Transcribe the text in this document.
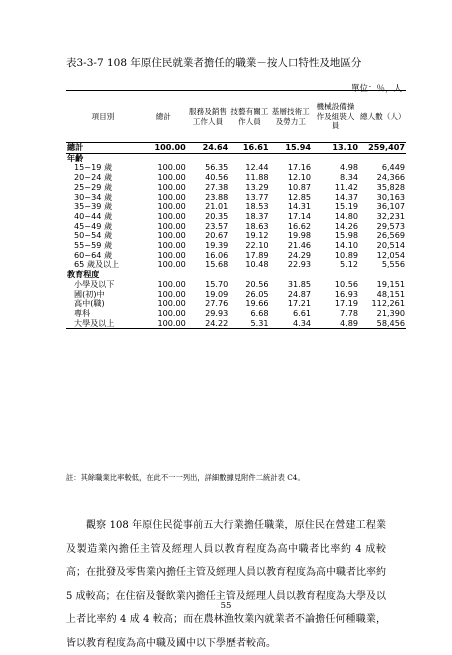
表3-3-7 108 年原住民就業者擔任的職業－按人口特性及地區分
單位：％，人
項目別	總計	服務及銷售工作人員	技藝有關工作人員	基層技術工及勞力工	機械設備操作及組裝人員	總人數（人）
總計	100.00	24.64	16.61	15.94	13.10	259,407
年齡						
15~19 歲	100.00	56.35	12.44	17.16	4.98	6,449
20~24 歲	100.00	40.56	11.88	12.10	8.34	24,366
25~29 歲	100.00	27.38	13.29	10.87	11.42	35,828
30~34 歲	100.00	23.88	13.77	12.85	14.37	30,163
35~39 歲	100.00	21.01	18.53	14.31	15.19	36,107
40~44 歲	100.00	20.35	18.37	17.14	14.80	32,231
45~49 歲	100.00	23.57	18.63	16.62	14.26	29,573
50~54 歲	100.00	20.67	19.12	19.98	15.98	26,569
55~59 歲	100.00	19.39	22.10	21.46	14.10	20,514
60~64 歲	100.00	16.06	17.89	24.29	10.89	12,054
65 歲及以上	100.00	15.68	10.48	22.93	5.12	5,556
教育程度						
小學及以下	100.00	15.70	20.56	31.85	10.56	19,151
國(初)中	100.00	19.09	26.05	24.87	16.93	48,151
高中(職)	100.00	27.76	19.66	17.21	17.19	112,261
專科	100.00	29.93	6.68	6.61	7.78	21,390
大學及以上	100.00	24.22	5.31	4.34	4.89	58,456
註：其餘職業比率較低，在此不一一列出，詳細數據見附件二統計表 C4。
觀察 108 年原住民從事前五大行業擔任職業，原住民在營建工程業及製造業內擔任主管及經理人員以教育程度為高中職者比率約 4 成較高；在批發及零售業內擔任主管及經理人員以教育程度為高中職者比率約 5 成較高；在住宿及餐飲業內擔任主管及經理人員以教育程度為大學及以上者比率約 4 成 4 較高；而在農林漁牧業內就業者不論擔任何種職業，皆以教育程度為高中職及國中以下學歷者較高。
55
